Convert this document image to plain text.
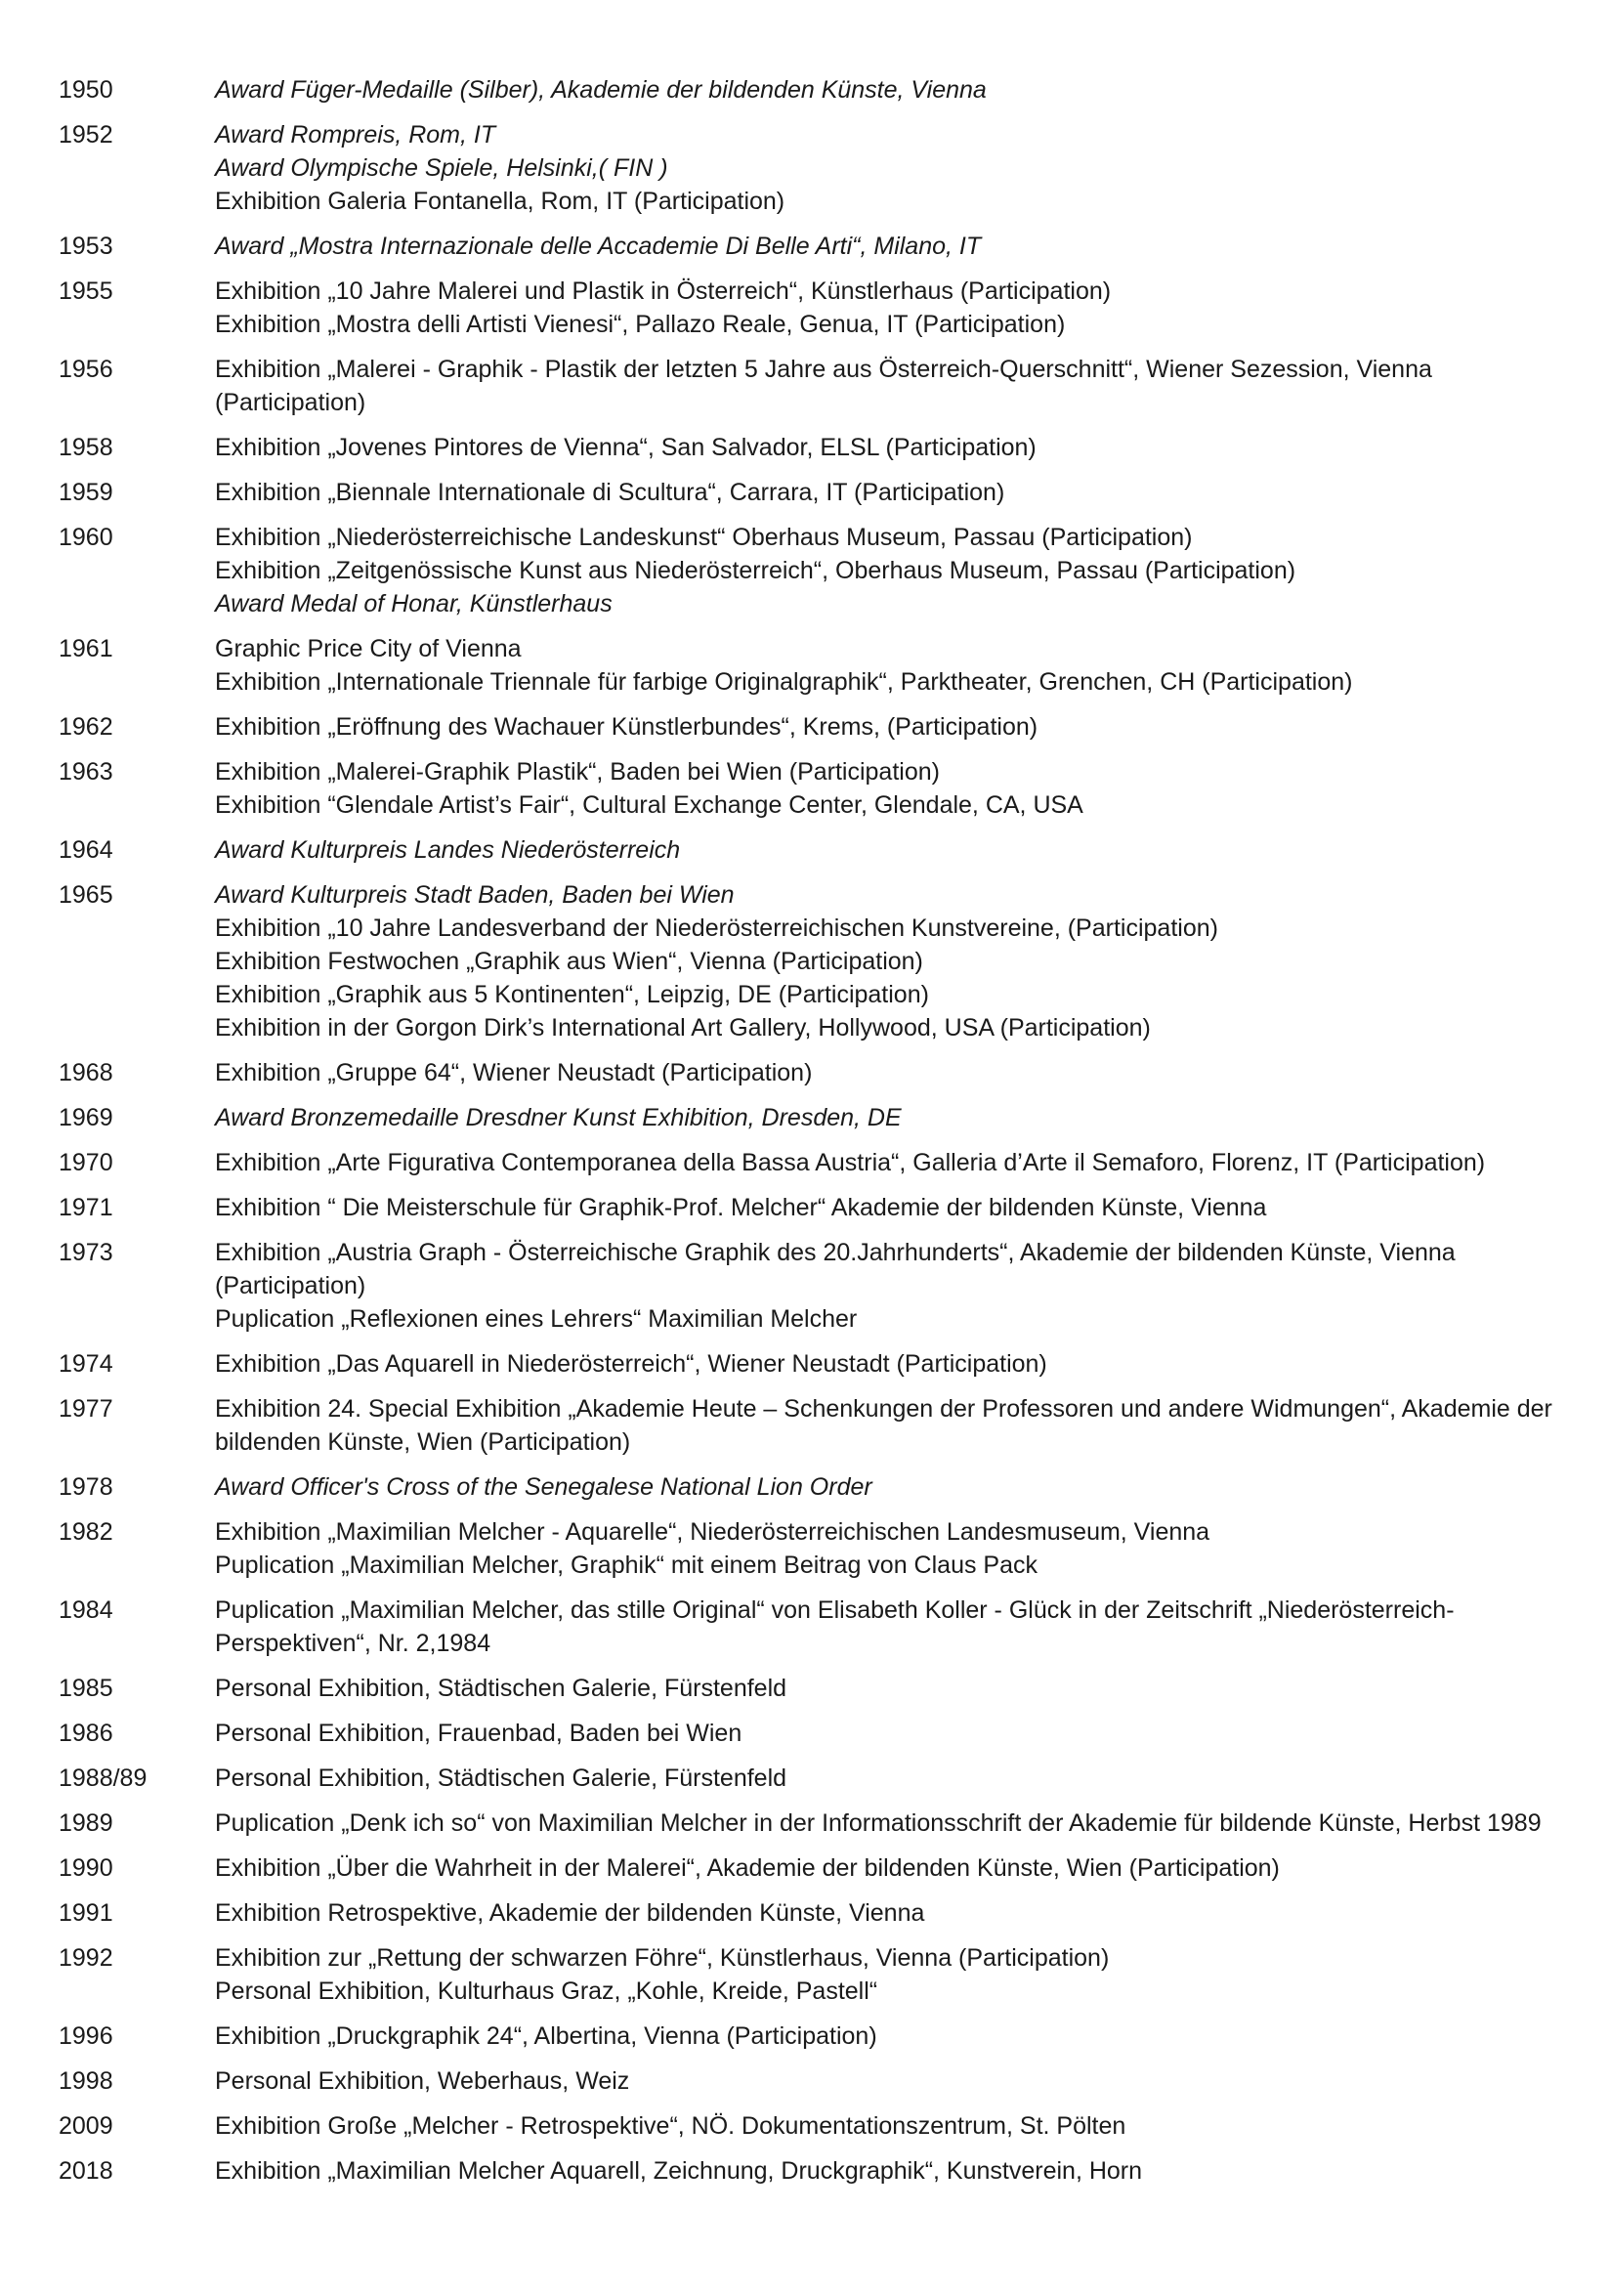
1950	Award Füger-Medaille (Silber), Akademie der bildenden Künste, Vienna
1952	Award Rompreis, Rom, IT
Award Olympische Spiele, Helsinki,( FIN )
Exhibition Galeria Fontanella, Rom, IT (Participation)
1953	Award „Mostra Internazionale delle Accademie Di Belle Arti“, Milano, IT
1955	Exhibition „10 Jahre Malerei und Plastik in Österreich“, Künstlerhaus (Participation)
Exhibition „Mostra delli Artisti Vienesi“, Pallazo Reale, Genua, IT (Participation)
1956	Exhibition „Malerei - Graphik - Plastik der letzten 5 Jahre aus Österreich-Querschnitt“, Wiener Sezession, Vienna (Participation)
1958	Exhibition „Jovenes Pintores de Vienna“, San Salvador, ELSL (Participation)
1959	Exhibition „Biennale Internationale di Scultura“, Carrara, IT (Participation)
1960	Exhibition „Niederösterreichische Landeskunst“ Oberhaus Museum, Passau (Participation)
Exhibition „Zeitgenössische Kunst aus Niederösterreich“, Oberhaus Museum, Passau (Participation)
Award Medal of Honar, Künstlerhaus
1961	Graphic Price City of Vienna
Exhibition „Internationale Triennale für farbige Originalgraphik“, Parktheater, Grenchen, CH (Participation)
1962	Exhibition „Eröffnung des Wachauer Künstlerbundes“, Krems, (Participation)
1963	Exhibition „Malerei-Graphik Plastik“, Baden bei Wien (Participation)
Exhibition “Glendale Artist’s Fair“, Cultural Exchange Center, Glendale, CA, USA
1964	Award Kulturpreis Landes Niederösterreich
1965	Award Kulturpreis Stadt Baden, Baden bei Wien
Exhibition „10 Jahre Landesverband der Niederösterreichischen Kunstvereine, (Participation)
Exhibition Festwochen „Graphik aus Wien“, Vienna (Participation)
Exhibition „Graphik aus 5 Kontinenten“, Leipzig, DE (Participation)
Exhibition in der Gorgon Dirk’s International Art Gallery, Hollywood, USA (Participation)
1968	Exhibition „Gruppe 64“, Wiener Neustadt (Participation)
1969	Award Bronzemedaille Dresdner Kunst Exhibition, Dresden, DE
1970	Exhibition „Arte Figurativa Contemporanea della Bassa Austria“, Galleria d’Arte il Semaforo, Florenz, IT (Participation)
1971	Exhibition “ Die Meisterschule für Graphik-Prof. Melcher“ Akademie der bildenden Künste, Vienna
1973	Exhibition „Austria Graph - Österreichische Graphik des 20.Jahrhunderts“, Akademie der bildenden Künste, Vienna (Participation)
Puplication „Reflexionen eines Lehrers“ Maximilian Melcher
1974	Exhibition „Das Aquarell in Niederösterreich“, Wiener Neustadt (Participation)
1977	Exhibition 24. Special Exhibition „Akademie Heute – Schenkungen der Professoren und andere Widmungen“, Akademie der bildenden Künste, Wien (Participation)
1978	Award Officer's Cross of the Senegalese National Lion Order
1982	Exhibition „Maximilian Melcher - Aquarelle“, Niederösterreichischen Landesmuseum, Vienna
Puplication „Maximilian Melcher, Graphik“ mit einem Beitrag von Claus Pack
1984	Puplication „Maximilian Melcher, das stille Original“ von Elisabeth Koller - Glück in der Zeitschrift „Niederösterreich-Perspektiven“, Nr. 2,1984
1985	Personal Exhibition, Städtischen Galerie, Fürstenfeld
1986	Personal Exhibition, Frauenbad, Baden bei Wien
1988/89	Personal Exhibition, Städtischen Galerie, Fürstenfeld
1989	Puplication „Denk ich so“ von Maximilian Melcher in der Informationsschrift der Akademie für bildende Künste, Herbst 1989
1990	Exhibition „Über die Wahrheit in der Malerei“, Akademie der bildenden Künste, Wien (Participation)
1991	Exhibition Retrospektive, Akademie der bildenden Künste, Vienna
1992	Exhibition zur „Rettung der schwarzen Föhre“, Künstlerhaus, Vienna (Participation)
Personal Exhibition, Kulturhaus Graz, „Kohle, Kreide, Pastell“
1996	Exhibition „Druckgraphik 24“, Albertina, Vienna (Participation)
1998	Personal Exhibition, Weberhaus, Weiz
2009	Exhibition Große „Melcher - Retrospektive“, NÖ. Dokumentationszentrum, St. Pölten
2018	Exhibition „Maximilian Melcher Aquarell, Zeichnung, Druckgraphik“, Kunstverein, Horn
